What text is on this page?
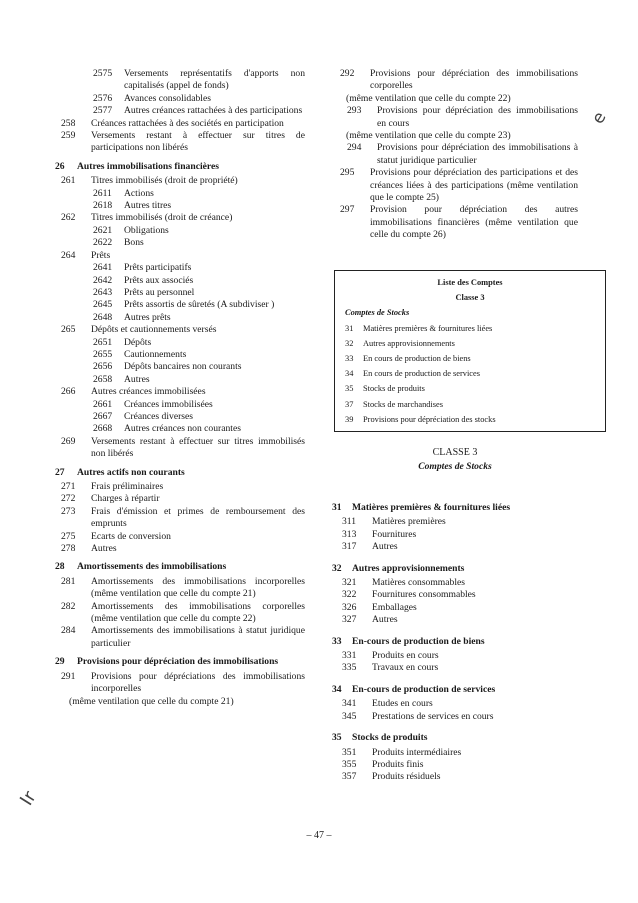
2575	Versements représentatifs d'apports non capitalisés (appel de fonds)
2576	Avances consolidables
2577	Autres créances rattachées à des participations
258	Créances rattachées à des sociétés en participation
259	Versements restant à effectuer sur titres de participations non libérés
26	Autres immobilisations financières
261	Titres immobilisés (droit de propriété)
2611	Actions
2618	Autres titres
262	Titres immobilisés (droit de créance)
2621	Obligations
2622	Bons
264	Prêts
2641	Prêts participatifs
2642	Prêts aux associés
2643	Prêts au personnel
2645	Prêts assortis de sûretés (A subdiviser )
2648	Autres prêts
265	Dépôts et cautionnements versés
2651	Dépôts
2655	Cautionnements
2656	Dépôts bancaires non courants
2658	Autres
266	Autres créances immobilisées
2661	Créances immobilisées
2667	Créances diverses
2668	Autres créances non courantes
269	Versements restant à effectuer sur titres immobilisés non libérés
27	Autres actifs non courants
271	Frais préliminaires
272	Charges à répartir
273	Frais d'émission et primes de remboursement des emprunts
275	Ecarts de conversion
278	Autres
28	Amortissements des immobilisations
281	Amortissements des immobilisations incorporelles (même ventilation que celle du compte 21)
282	Amortissements des immobilisations corporelles (même ventilation que celle du compte 22)
284	Amortissements des immobilisations à statut juridique particulier
29	Provisions pour dépréciation des immobilisations
291	Provisions pour dépréciations des immobilisations incorporelles
(même ventilation que celle du compte 21)
292	Provisions pour dépréciation des immobilisations corporelles
(même ventilation que celle du compte 22)
293	Provisions pour dépréciation des immobilisations en cours
(même ventilation que celle du compte 23)
294	Provisions pour dépréciation des immobilisations à statut juridique particulier
295	Provisions pour dépréciation des participations et des créances liées à des participations (même ventilation que le compte 25)
297	Provision pour dépréciation des autres immobilisations financières (même ventilation que celle du compte 26)
Liste des Comptes
Classe 3
Comptes de Stocks
31	Matières premières & fournitures liées
32	Autres approvisionnements
33	En cours de production de biens
34	En cours de production de services
35	Stocks de produits
37	Stocks de marchandises
39	Provisions pour dépréciation des stocks
CLASSE 3
Comptes de Stocks
31	Matières premières & fournitures liées
311	Matières premières
313	Fournitures
317	Autres
32	Autres approvisionnements
321	Matières consommables
322	Fournitures consommables
326	Emballages
327	Autres
33	En-cours de production de biens
331	Produits en cours
335	Travaux en cours
34	En-cours de production de services
341	Etudes en cours
345	Prestations de services en cours
35	Stocks de produits
351	Produits intermédiaires
355	Produits finis
357	Produits résiduels
– 47 –
e
Ir
